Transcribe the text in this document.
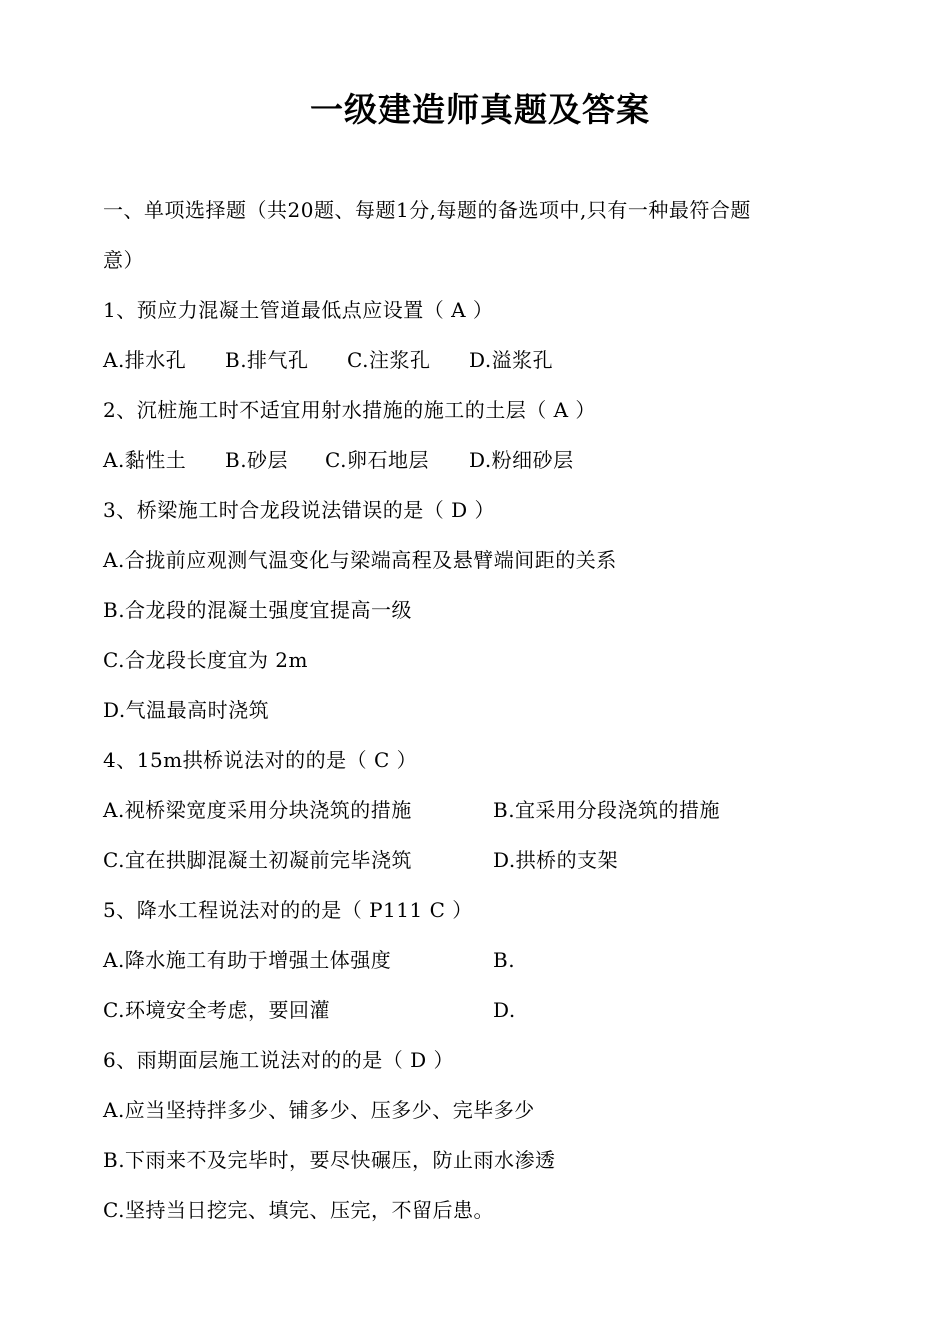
一级建造师真题及答案
一、单项选择题（共20题、每题1分,每题的备选项中,只有一种最符合题
意）
1、预应力混凝土管道最低点应设置（ A ）
A.排水孔 B.排气孔 C.注浆孔 D.溢浆孔
2、沉桩施工时不适宜用射水措施的施工的土层（ A ）
A.黏性土 B.砂层 C.卵石地层 D.粉细砂层
3、桥梁施工时合龙段说法错误的是（ D ）
A.合拢前应观测气温变化与梁端高程及悬臂端间距的关系
B.合龙段的混凝土强度宜提高一级
C.合龙段长度宜为 2m
D.气温最高时浇筑
4、15m拱桥说法对的的是（ C ）
A.视桥梁宽度采用分块浇筑的措施	B.宜采用分段浇筑的措施
C.宜在拱脚混凝土初凝前完毕浇筑	D.拱桥的支架
5、降水工程说法对的的是（ P111 C ）
A.降水施工有助于增强土体强度	B.
C.环境安全考虑，要回灌	D.
6、雨期面层施工说法对的的是（ D ）
A.应当坚持拌多少、铺多少、压多少、完毕多少
B.下雨来不及完毕时，要尽快碾压，防止雨水渗透
C.坚持当日挖完、填完、压完，不留后患。
